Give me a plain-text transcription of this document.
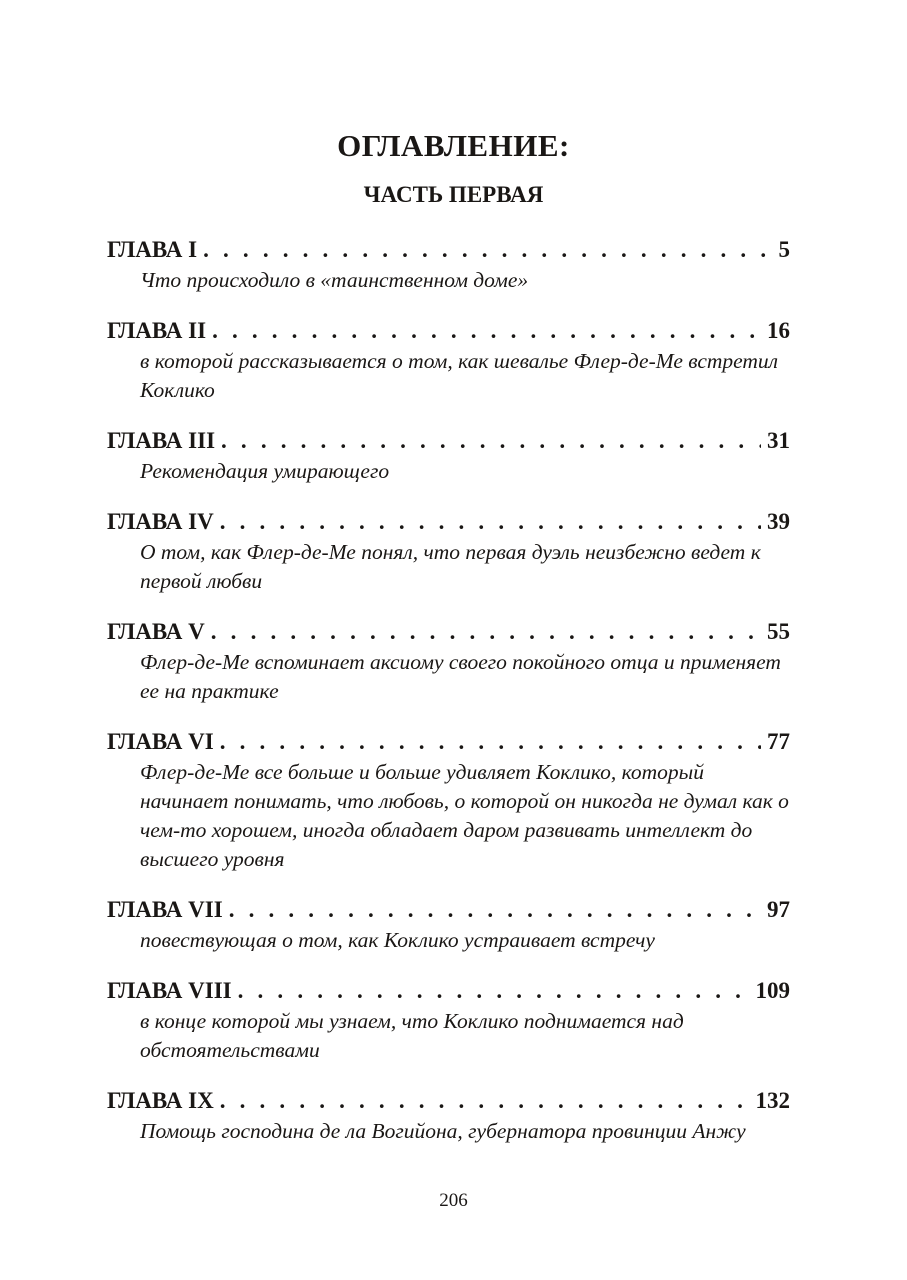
ОГЛАВЛЕНИЕ:
ЧАСТЬ ПЕРВАЯ
ГЛАВА I . . .	5
Что происходило в «таинственном доме»
ГЛАВА II . . .	16
в которой рассказывается о том, как шевалье Флер-де-Ме встретил Коклико
ГЛАВА III . . .	31
Рекомендация умирающего
ГЛАВА IV . . .	39
О том, как Флер-де-Ме понял, что первая дуэль неизбежно ведет к первой любви
ГЛАВА V . . .	55
Флер-де-Ме вспоминает аксиому своего покойного отца и применяет ее на практике
ГЛАВА VI . . .	77
Флер-де-Ме все больше и больше удивляет Коклико, который начинает понимать, что любовь, о которой он никогда не думал как о чем-то хорошем, иногда обладает даром развивать интеллект до высшего уровня
ГЛАВА VII . . .	97
повествующая о том, как Коклико устраивает встречу
ГЛАВА VIII . . .	109
в конце которой мы узнаем, что Коклико поднимается над обстоятельствами
ГЛАВА IX . . .	132
Помощь господина де ла Вогийона, губернатора провинции Анжу
206
